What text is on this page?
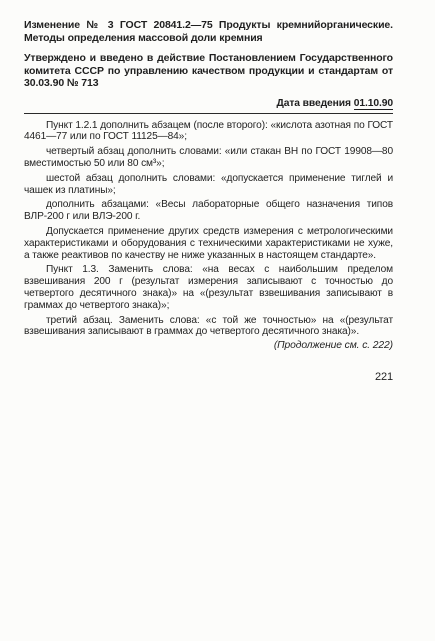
Изменение № 3 ГОСТ 20841.2—75 Продукты кремнийорганические. Методы определения массовой доли кремния

Утверждено и введено в действие Постановлением Государственного комитета СССР по управлению качеством продукции и стандартам от 30.03.90 № 713
Дата введения 01.10.90

Пункт 1.2.1 дополнить абзацем (после второго): «кислота азотная по ГОСТ 4461—77 или по ГОСТ 11125—84»;

четвертый абзац дополнить словами: «или стакан ВН по ГОСТ 19908—80 вместимостью 50 или 80 см³»;

шестой абзац дополнить словами: «допускается применение тиглей и чашек из платины»;

дополнить абзацами: «Весы лабораторные общего назначения типов ВЛР-200 г или ВЛЭ-200 г.

Допускается применение других средств измерения с метрологическими характеристиками и оборудования с техническими характеристиками не хуже, а также реактивов по качеству не ниже указанных в настоящем стандарте».

Пункт 1.3. Заменить слова: «на весах с наибольшим пределом взвешивания 200 г (результат измерения записывают с точностью до четвертого десятичного знака)» на «(результат взвешивания записывают в граммах до четвертого знака)»;

третий абзац. Заменить слова: «с той же точностью» на «(результат взвешивания записывают в граммах до четвертого десятичного знака)».

(Продолжение см. с. 222)
221
